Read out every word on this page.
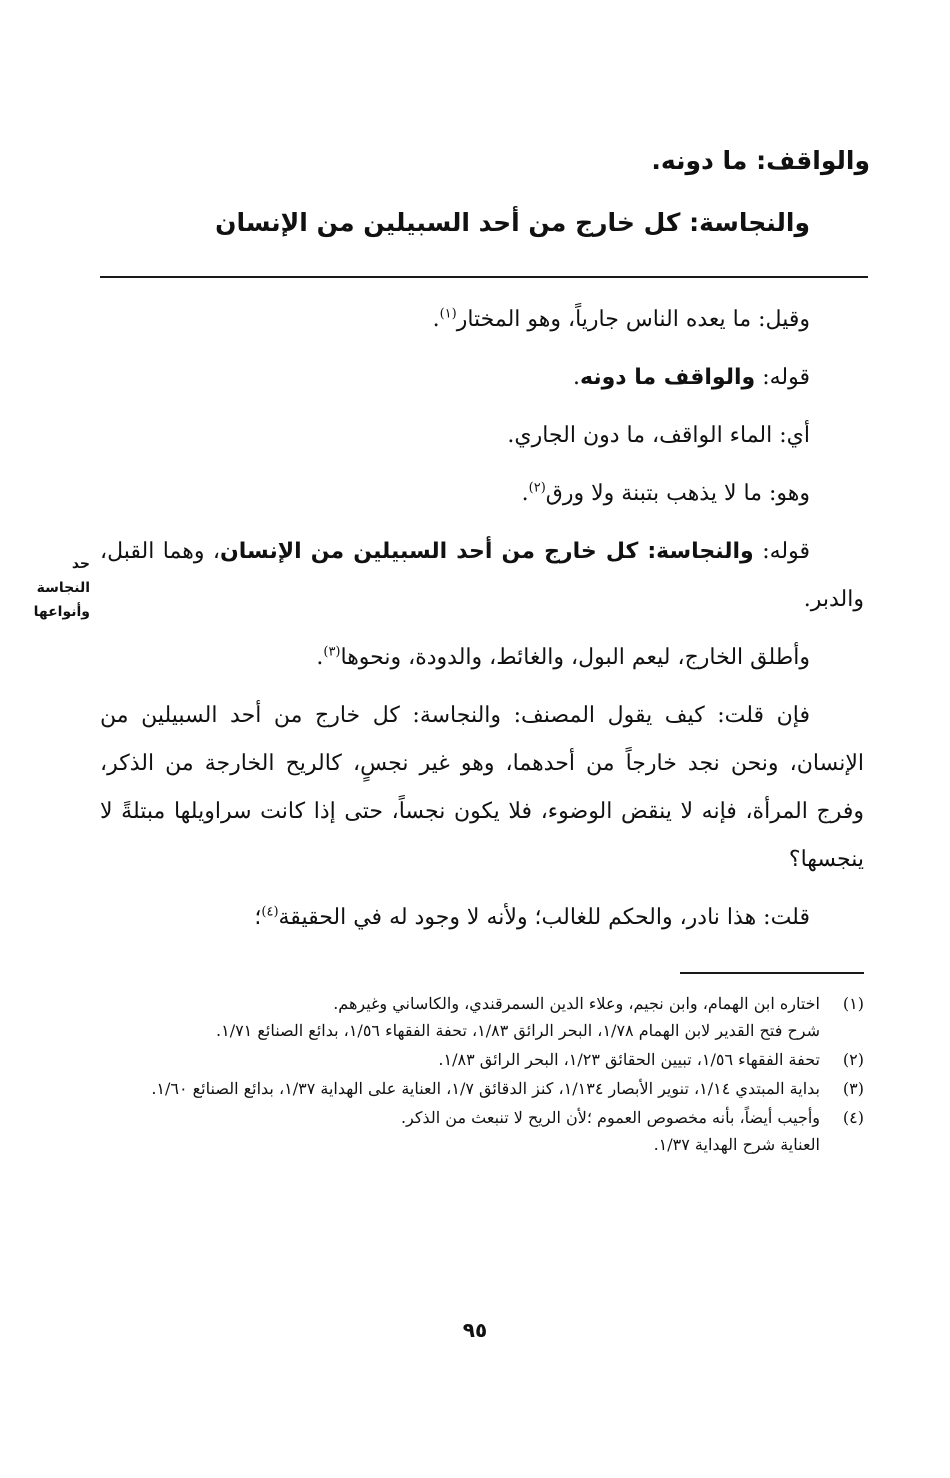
والواقف: ما دونه.
والنجاسة: كل خارج من أحد السبيلين من الإنسان

وقيل: ما يعده الناس جارياً، وهو المختار$^{(١)}$.

قوله: والواقف ما دونه.

أي: الماء الواقف، ما دون الجاري.

وهو: ما لا يذهب بتبنة ولا ورق$^{(٢)}$.

قوله: والنجاسة: كل خارج من أحد السبيلين من الإنسان، وهما القبل، والدبر.

وأطلق الخارج، ليعم البول، والغائط، والدودة، ونحوها$^{(٣)}$.

فإن قلت: كيف يقول المصنف: والنجاسة: كل خارج من أحد السبيلين من الإنسان، ونحن نجد خارجاً من أحدهما، وهو غير نجسٍ، كالريح الخارجة من الذكر، وفرج المرأة، فإنه لا ينقض الوضوء، فلا يكون نجساً، حتى إذا كانت سراويلها مبتلةً لا ينجسها؟

قلت: هذا نادر، والحكم للغالب؛ ولأنه لا وجود له في الحقيقة$^{(٤)}$؛

حد
النجاسة
وأنواعها
(١)
اختاره ابن الهمام، وابن نجيم، وعلاء الدين السمرقندي، والكاساني وغيرهم.
شرح فتح القدير لابن الهمام ١/٧٨، البحر الرائق ١/٨٣، تحفة الفقهاء ١/٥٦، بدائع الصنائع ١/٧١.
(٢)
تحفة الفقهاء ١/٥٦، تبيين الحقائق ١/٢٣، البحر الرائق ١/٨٣.
(٣)
بداية المبتدي ١/١٤، تنوير الأبصار ١/١٣٤، كنز الدقائق ١/٧، العناية على الهداية ١/٣٧، بدائع الصنائع ١/٦٠.
(٤)
وأجيب أيضاً، بأنه مخصوص العموم ؛لأن الريح لا تنبعث من الذكر.
العناية شرح الهداية ١/٣٧.
٩٥
